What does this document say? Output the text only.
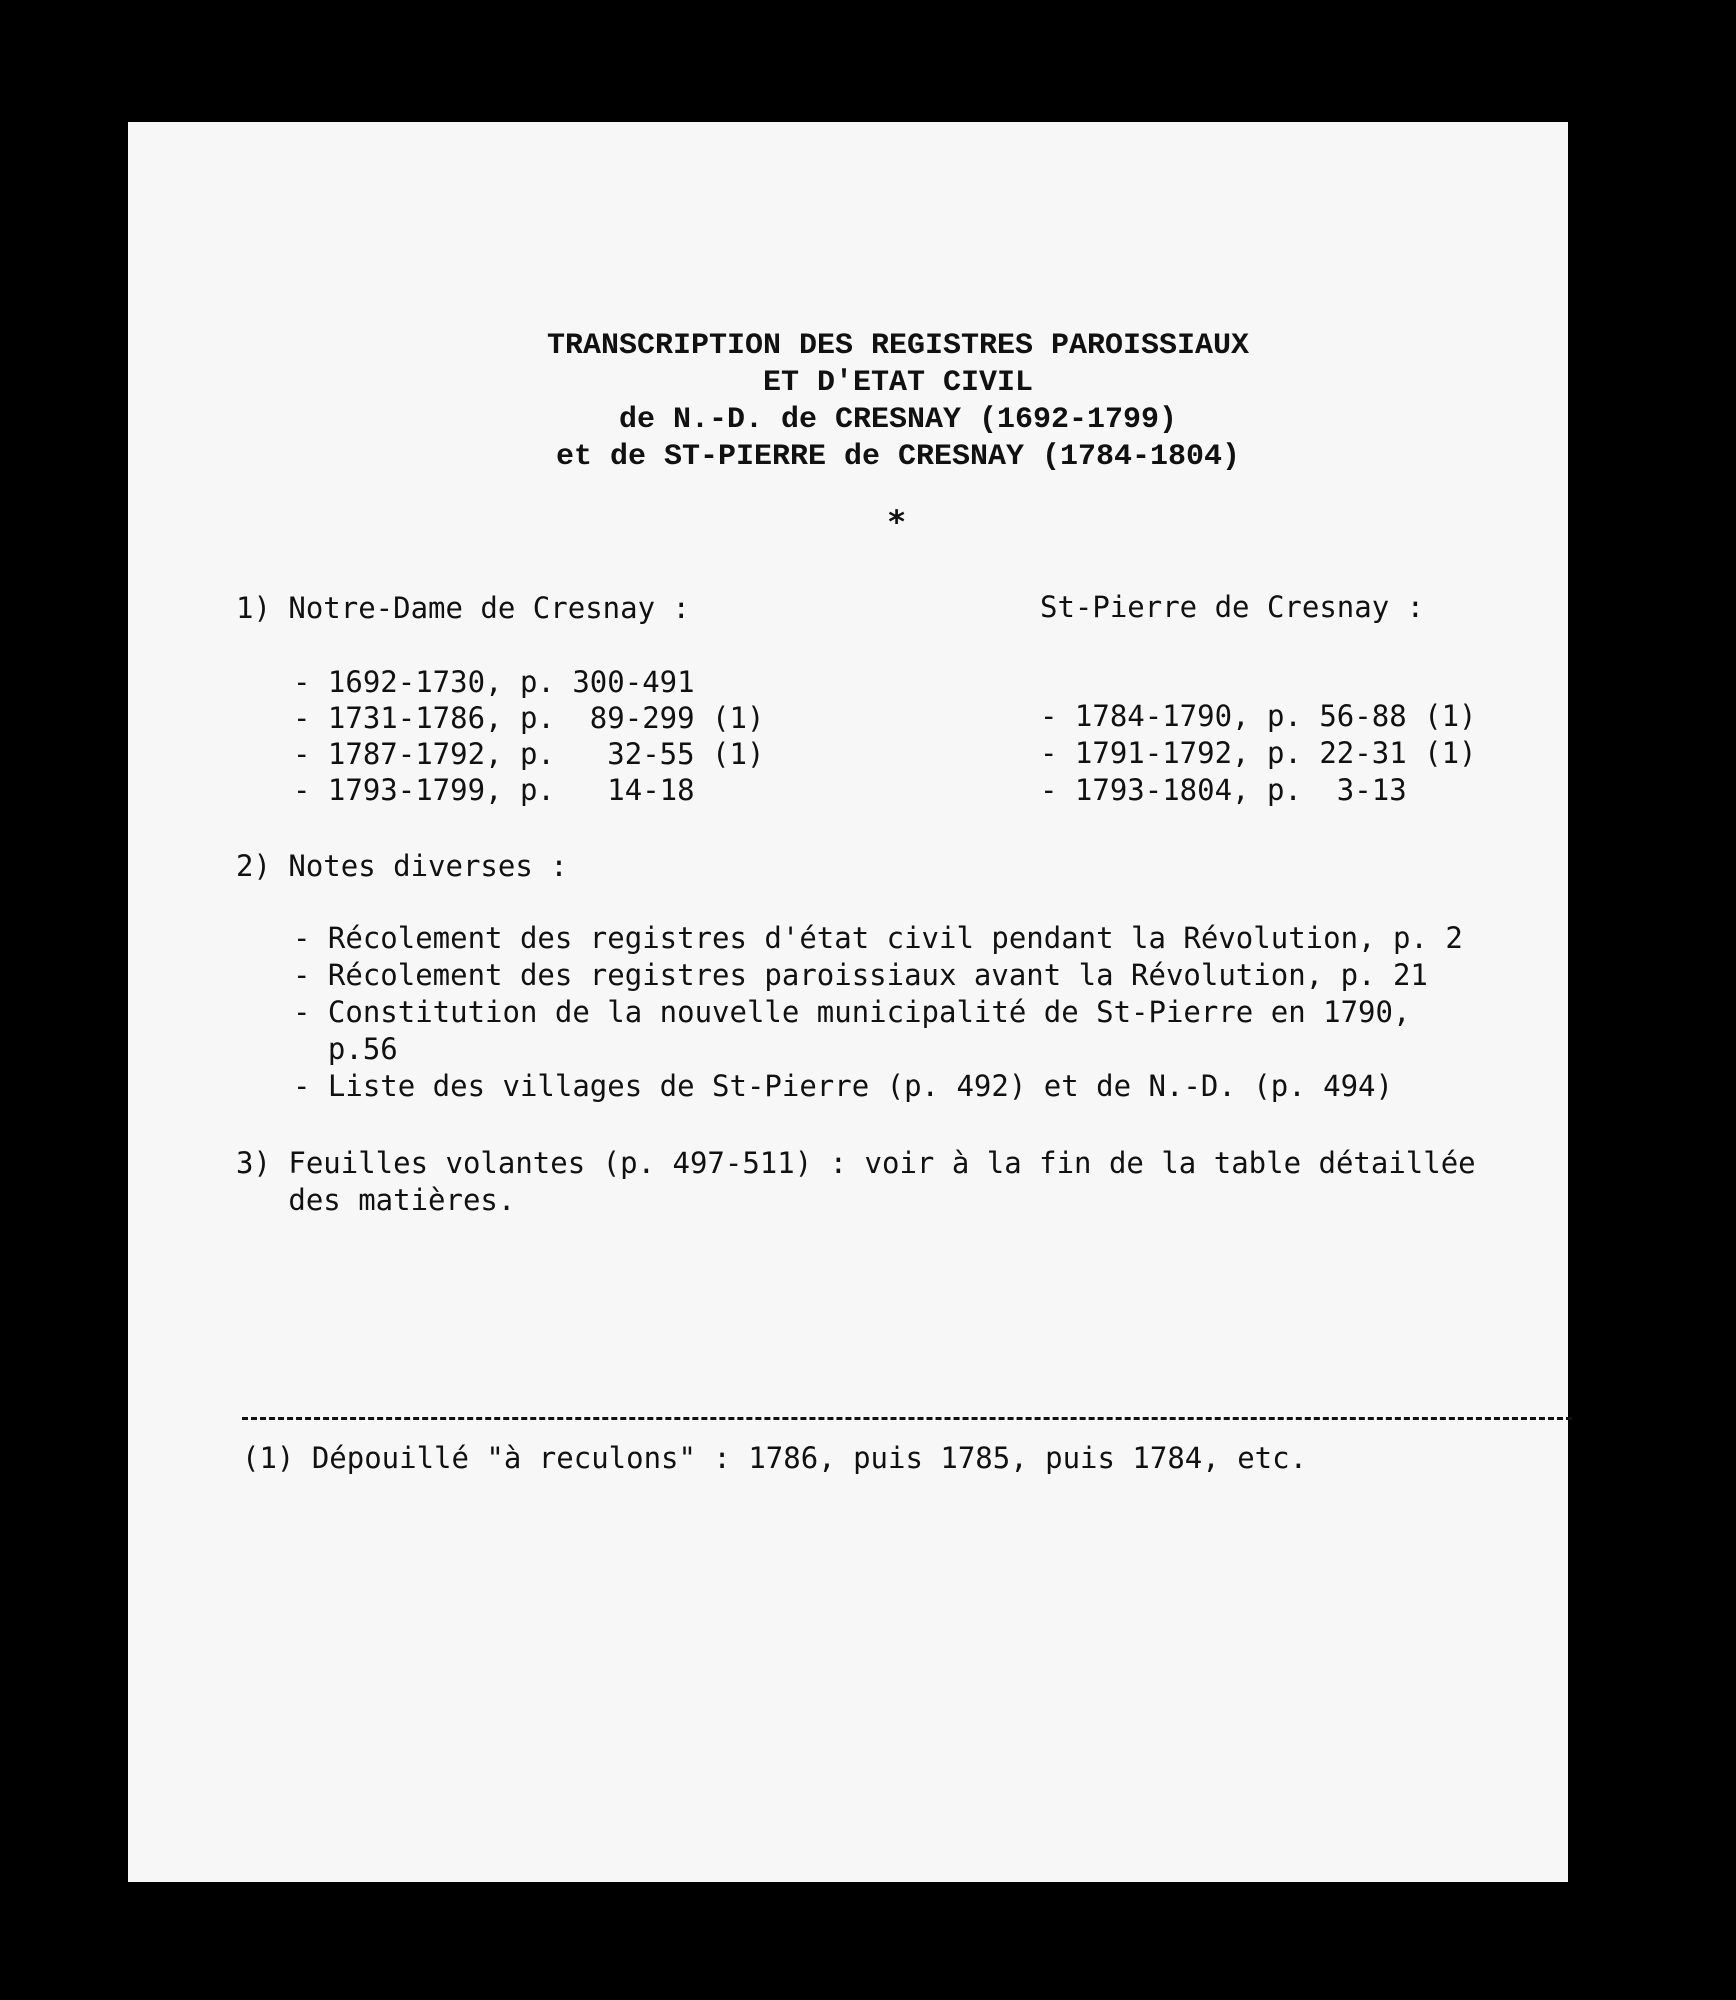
TRANSCRIPTION DES REGISTRES PAROISSIAUX
ET D'ETAT CIVIL
de N.-D. de CRESNAY (1692-1799)
et de ST-PIERRE de CRESNAY (1784-1804)
*
1) Notre-Dame de Cresnay :	St-Pierre de Cresnay :
- 1692-1730, p. 300-491
- 1731-1786, p.  89-299 (1)
- 1787-1792, p.   32-55 (1)
- 1793-1799, p.   14-18
- 1784-1790, p. 56-88 (1)
- 1791-1792, p. 22-31 (1)
- 1793-1804, p.  3-13
2) Notes diverses :
- Récolement des registres d'état civil pendant la Révolution, p. 2
- Récolement des registres paroissiaux avant la Révolution, p. 21
- Constitution de la nouvelle municipalité de St-Pierre en 1790,
p.56
- Liste des villages de St-Pierre (p. 492) et de N.-D. (p. 494)
3) Feuilles volantes (p. 497-511) : voir à la fin de la table détaillée
des matières.
(1) Dépouillé "à reculons" : 1786, puis 1785, puis 1784, etc.
